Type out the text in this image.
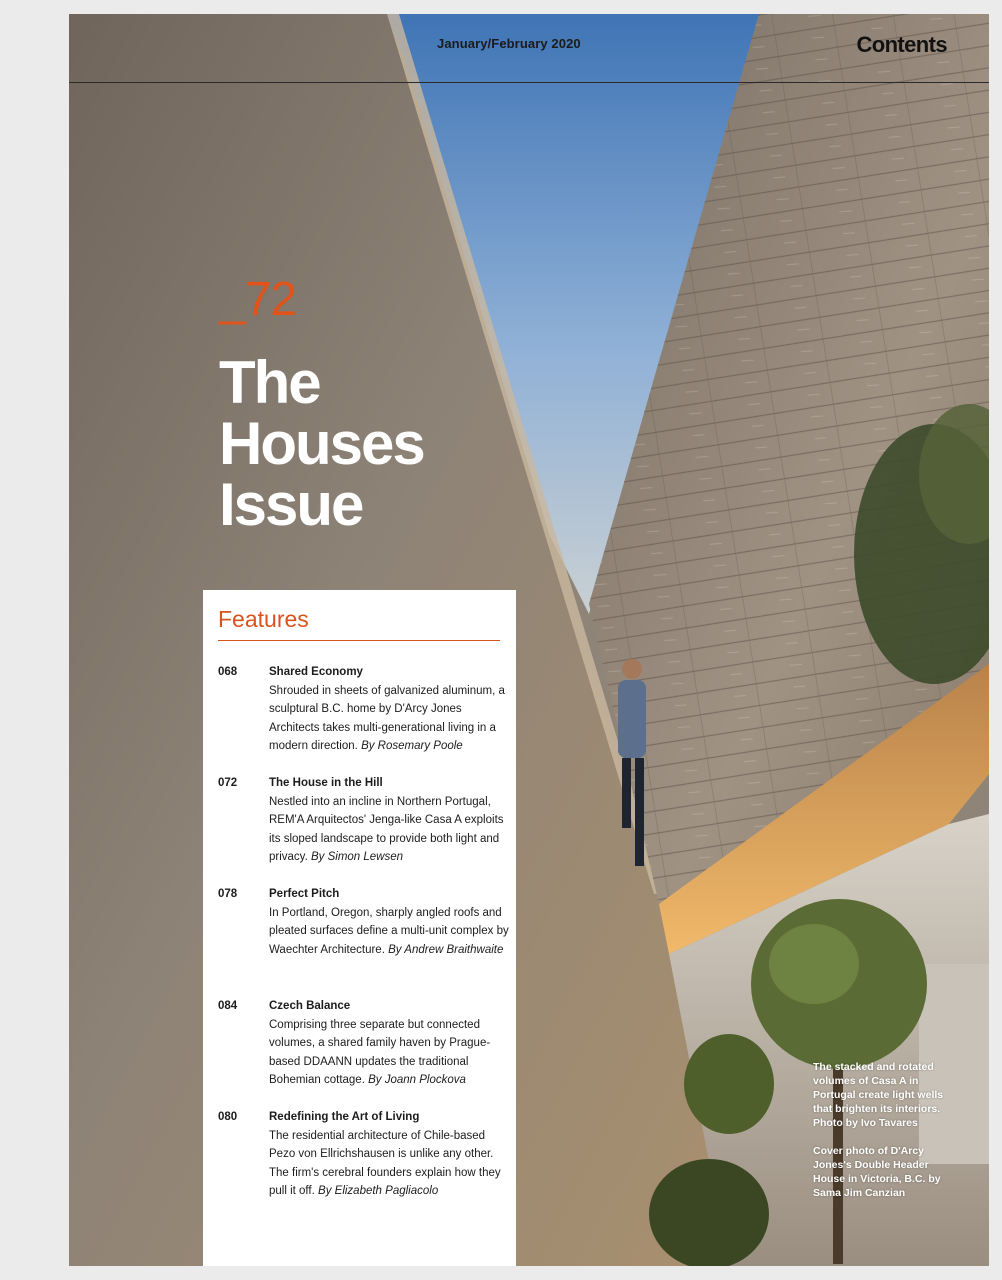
January/February 2020	Contents
_72
The
Houses
Issue
Features
068	Shared Economy
Shrouded in sheets of galvanized aluminum, a sculptural B.C. home by D'Arcy Jones Architects takes multi-generational living in a modern direction. By Rosemary Poole
072	The House in the Hill
Nestled into an incline in Northern Portugal, REM'A Arquitectos' Jenga-like Casa A exploits its sloped landscape to provide both light and privacy. By Simon Lewsen
078	Perfect Pitch
In Portland, Oregon, sharply angled roofs and pleated surfaces define a multi-unit complex by Waechter Architecture. By Andrew Braithwaite
084	Czech Balance
Comprising three separate but connected volumes, a shared family haven by Prague-based DDAANN updates the traditional Bohemian cottage. By Joann Plockova
080	Redefining the Art of Living
The residential architecture of Chile-based Pezo von Ellrichshausen is unlike any other. The firm's cerebral founders explain how they pull it off. By Elizabeth Pagliacolo

The stacked and rotated volumes of Casa A in Portugal create light wells that brighten its interiors. Photo by Ivo Tavares

Cover photo of D'Arcy Jones's Double Header House in Victoria, B.C. by Sama Jim Canzian
